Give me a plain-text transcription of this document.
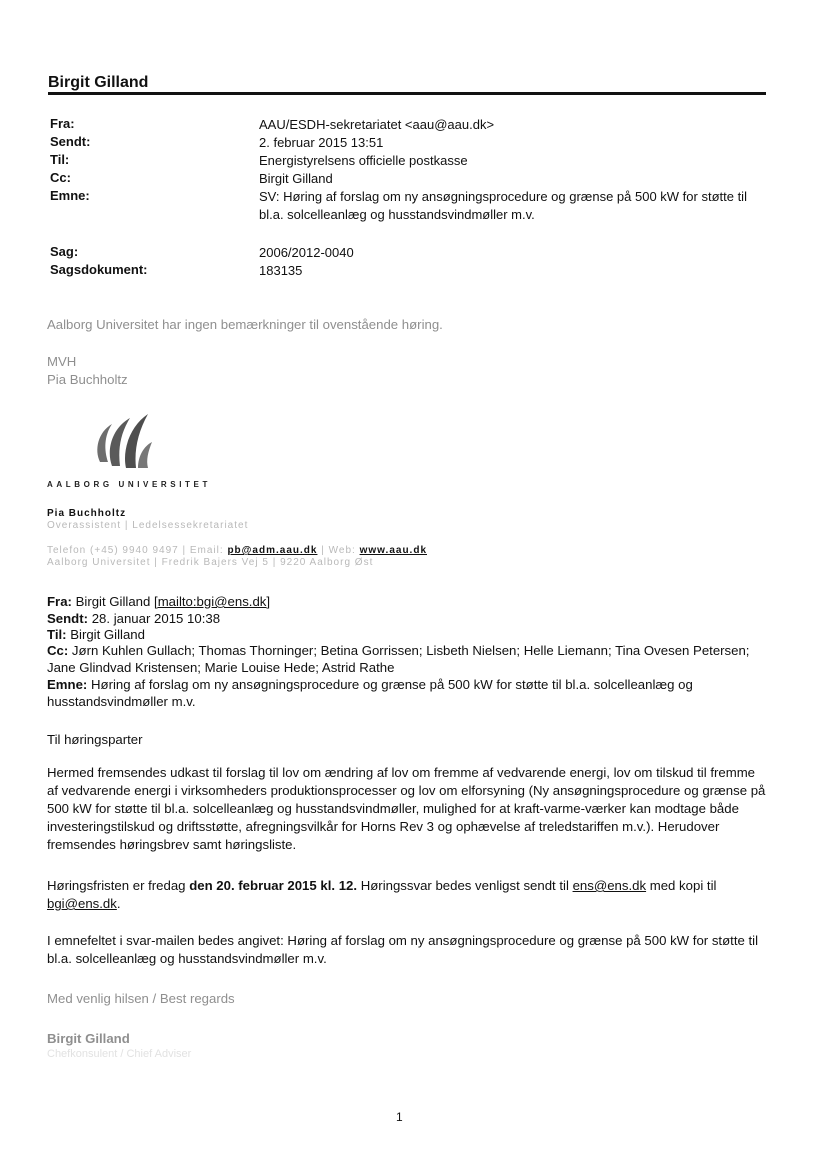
Birgit Gilland
Fra:
Sendt:
Til:
Cc:
Emne:
AAU/ESDH-sekretariatet <aau@aau.dk>
2. februar 2015 13:51
Energistyrelsens officielle postkasse
Birgit Gilland
SV: Høring af forslag om ny ansøgningsprocedure og grænse på 500 kW for støtte til bl.a. solcelleanlæg og husstandsvindmøller m.v.
Sag:	2006/2012-0040
Sagsdokument:	183135
Aalborg Universitet har ingen bemærkninger til ovenstående høring.
MVH
Pia Buchholtz
AALBORG UNIVERSITET
Pia Buchholtz
Overassistent | Ledelsessekretariatet
Telefon (+45) 9940 9497 | Email: pb@adm.aau.dk | Web: www.aau.dk
Aalborg Universitet | Fredrik Bajers Vej 5 | 9220 Aalborg Øst
Fra: Birgit Gilland [mailto:bgi@ens.dk]
Sendt: 28. januar 2015 10:38
Til: Birgit Gilland
Cc: Jørn Kuhlen Gullach; Thomas Thorninger; Betina Gorrissen; Lisbeth Nielsen; Helle Liemann; Tina Ovesen Petersen; Jane Glindvad Kristensen; Marie Louise Hede; Astrid Rathe
Emne: Høring af forslag om ny ansøgningsprocedure og grænse på 500 kW for støtte til bl.a. solcelleanlæg og husstandsvindmøller m.v.
Til høringsparter
Hermed fremsendes udkast til forslag til lov om ændring af lov om fremme af vedvarende energi, lov om tilskud til fremme af vedvarende energi i virksomheders produktionsprocesser og lov om elforsyning (Ny ansøgningsprocedure og grænse på 500 kW for støtte til bl.a. solcelleanlæg og husstandsvindmøller, mulighed for at kraft-varme-værker kan modtage både investeringstilskud og driftsstøtte, afregningsvilkår for Horns Rev 3 og ophævelse af treledstariffen m.v.). Herudover fremsendes høringsbrev samt høringsliste.
Høringsfristen er fredag den 20. februar 2015 kl. 12. Høringssvar bedes venligst sendt til ens@ens.dk med kopi til
bgi@ens.dk.
I emnefeltet i svar-mailen bedes angivet: Høring af forslag om ny ansøgningsprocedure og grænse på 500 kW for støtte til bl.a. solcelleanlæg og husstandsvindmøller m.v.
Med venlig hilsen / Best regards
Birgit Gilland
Chefkonsulent / Chief Adviser
1
